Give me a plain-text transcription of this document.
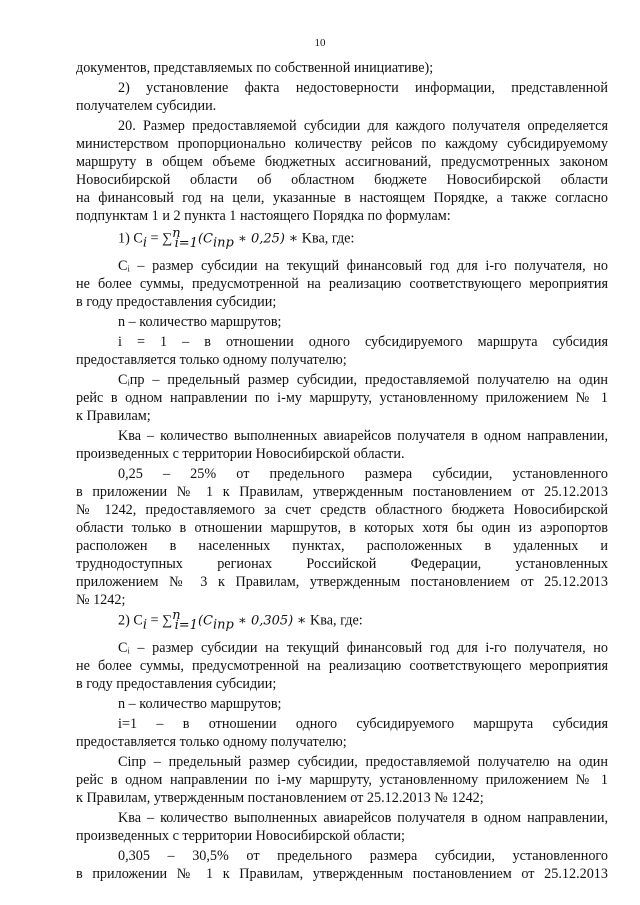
10
документов, представляемых по собственной инициативе);
2) установление факта недостоверности информации, представленной
получателем субсидии.
20. Размер предоставляемой субсидии для каждого получателя определяется
министерством пропорционально количеству рейсов по каждому субсидируемому
маршруту в общем объеме бюджетных ассигнований, предусмотренных законом
Новосибирской области об областном бюджете Новосибирской области
на финансовый год на цели, указанные в настоящем Порядке, а также согласно
подпунктам 1 и 2 пункта 1 настоящего Порядка по формулам:
Cᵢ – размер субсидии на текущий финансовый год для i-го получателя, но
не более суммы, предусмотренной на реализацию соответствующего мероприятия
в году предоставления субсидии;
n – количество маршрутов;
i = 1 – в отношении одного субсидируемого маршрута субсидия
предоставляется только одному получателю;
Cᵢпр – предельный размер субсидии, предоставляемой получателю на один
рейс в одном направлении по i-му маршруту, установленному приложением № 1
к Правилам;
Kва – количество выполненных авиарейсов получателя в одном направлении,
произведенных с территории Новосибирской области.
0,25 – 25% от предельного размера субсидии, установленного
в приложении № 1 к Правилам, утвержденным постановлением от 25.12.2013
№ 1242, предоставляемого за счет средств областного бюджета Новосибирской
области только в отношении маршрутов, в которых хотя бы один из аэропортов
расположен в населенных пунктах, расположенных в удаленных и
труднодоступных регионах Российской Федерации, установленных
приложением № 3 к Правилам, утвержденным постановлением от 25.12.2013
№ 1242;
Cᵢ – размер субсидии на текущий финансовый год для i-го получателя, но
не более суммы, предусмотренной на реализацию соответствующего мероприятия
в году предоставления субсидии;
n – количество маршрутов;
i=1 – в отношении одного субсидируемого маршрута субсидия
предоставляется только одному получателю;
Сiпр – предельный размер субсидии, предоставляемой получателю на один
рейс в одном направлении по i-му маршруту, установленному приложением № 1
к Правилам, утвержденным постановлением от 25.12.2013 № 1242;
Kва – количество выполненных авиарейсов получателя в одном направлении,
произведенных с территории Новосибирской области;
0,305 – 30,5% от предельного размера субсидии, установленного
в приложении № 1 к Правилам, утвержденным постановлением от 25.12.2013
1) $C_i = \sum^n_{i=1}(C_{iпр}$ ∗ 0,25) ∗ Kва, где:
2) $C_i = \sum^n_{i=1}(C_{iпр}$ ∗ 0,305) ∗ Kва, где:
